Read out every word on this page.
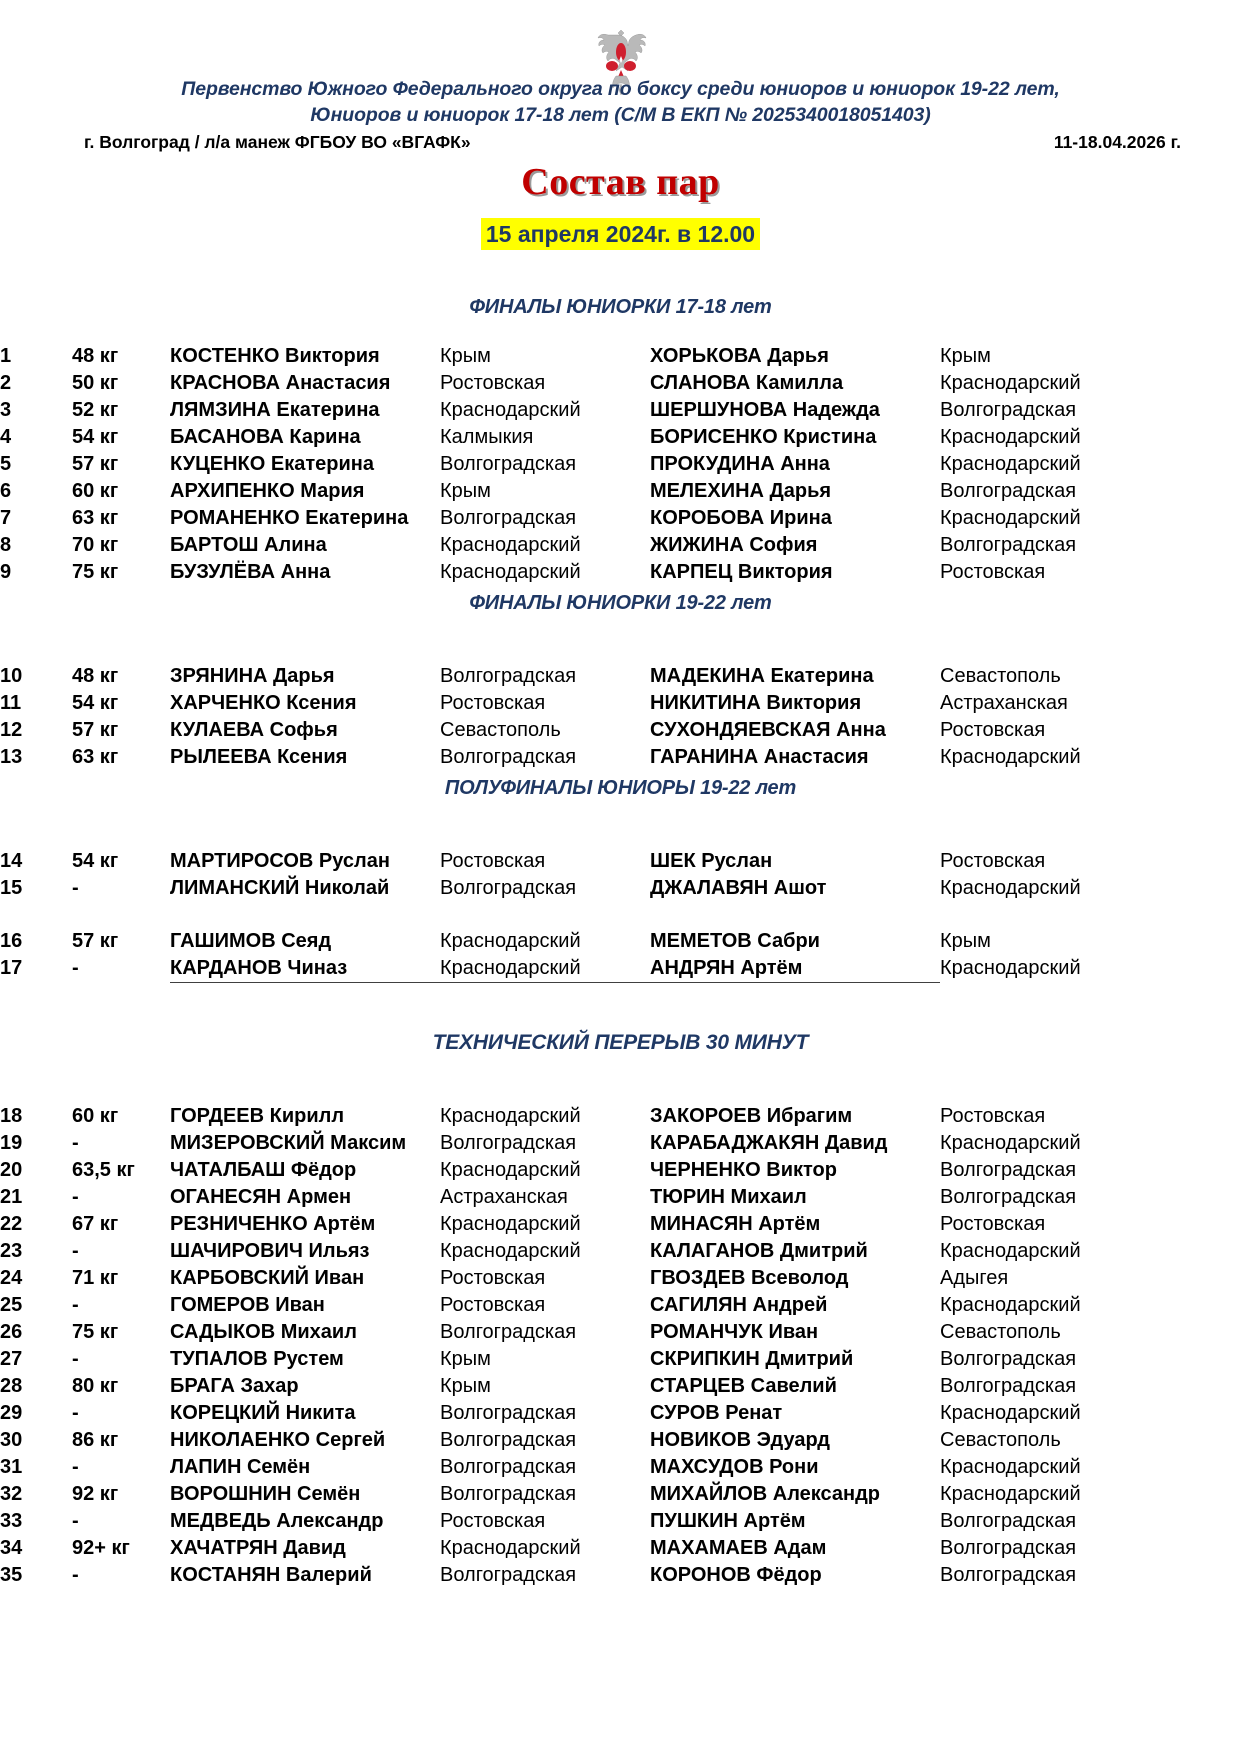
Первенство Южного Федерального округа по боксу среди юниоров и юниорок 19-22 лет,
Юниоров и юниорок 17-18 лет (С/М В ЕКП № 2025340018051403)
г. Волгоград / л/а манеж ФГБОУ ВО «ВГАФК»	11-18.04.2026 г.
Состав пар
15 апреля 2024г. в 12.00
ФИНАЛЫ ЮНИОРКИ 17-18 лет
1	48 кг	КОСТЕНКО Виктория	Крым	ХОРЬКОВА Дарья	Крым
2	50 кг	КРАСНОВА Анастасия	Ростовская	СЛАНОВА Камилла	Краснодарский
3	52 кг	ЛЯМЗИНА Екатерина	Краснодарский	ШЕРШУНОВА Надежда	Волгоградская
4	54 кг	БАСАНОВА Карина	Калмыкия	БОРИСЕНКО Кристина	Краснодарский
5	57 кг	КУЦЕНКО Екатерина	Волгоградская	ПРОКУДИНА Анна	Краснодарский
6	60 кг	АРХИПЕНКО Мария	Крым	МЕЛЕХИНА Дарья	Волгоградская
7	63 кг	РОМАНЕНКО Екатерина	Волгоградская	КОРОБОВА Ирина	Краснодарский
8	70 кг	БАРТОШ Алина	Краснодарский	ЖИЖИНА София	Волгоградская
9	75 кг	БУЗУЛЁВА Анна	Краснодарский	КАРПЕЦ Виктория	Ростовская
ФИНАЛЫ ЮНИОРКИ 19-22 лет
10	48 кг	ЗРЯНИНА Дарья	Волгоградская	МАДЕКИНА Екатерина	Севастополь
11	54 кг	ХАРЧЕНКО Ксения	Ростовская	НИКИТИНА Виктория	Астраханская
12	57 кг	КУЛАЕВА Софья	Севастополь	СУХОНДЯЕВСКАЯ Анна	Ростовская
13	63 кг	РЫЛЕЕВА Ксения	Волгоградская	ГАРАНИНА Анастасия	Краснодарский
ПОЛУФИНАЛЫ ЮНИОРЫ 19-22 лет
14	54 кг	МАРТИРОСОВ Руслан	Ростовская	ШЕК Руслан	Ростовская
15	-	ЛИМАНСКИЙ Николай	Волгоградская	ДЖАЛАВЯН Ашот	Краснодарский

16	57 кг	ГАШИМОВ Сеяд	Краснодарский	МЕМЕТОВ Сабри	Крым
17	-	КАРДАНОВ Чиназ	Краснодарский	АНДРЯН Артём	Краснодарский
ТЕХНИЧЕСКИЙ ПЕРЕРЫВ 30 МИНУТ
18	60 кг	ГОРДЕЕВ Кирилл	Краснодарский	ЗАКОРОЕВ Ибрагим	Ростовская
19	-	МИЗЕРОВСКИЙ Максим	Волгоградская	КАРАБАДЖАКЯН Давид	Краснодарский
20	63,5 кг	ЧАТАЛБАШ Фёдор	Краснодарский	ЧЕРНЕНКО Виктор	Волгоградская
21	-	ОГАНЕСЯН Армен	Астраханская	ТЮРИН Михаил	Волгоградская
22	67 кг	РЕЗНИЧЕНКО Артём	Краснодарский	МИНАСЯН Артём	Ростовская
23	-	ШАЧИРОВИЧ Ильяз	Краснодарский	КАЛАГАНОВ Дмитрий	Краснодарский
24	71 кг	КАРБОВСКИЙ Иван	Ростовская	ГВОЗДЕВ Всеволод	Адыгея
25	-	ГОМЕРОВ Иван	Ростовская	САГИЛЯН Андрей	Краснодарский
26	75 кг	САДЫКОВ Михаил	Волгоградская	РОМАНЧУК Иван	Севастополь
27	-	ТУПАЛОВ Рустем	Крым	СКРИПКИН Дмитрий	Волгоградская
28	80 кг	БРАГА Захар	Крым	СТАРЦЕВ Савелий	Волгоградская
29	-	КОРЕЦКИЙ Никита	Волгоградская	СУРОВ Ренат	Краснодарский
30	86 кг	НИКОЛАЕНКО Сергей	Волгоградская	НОВИКОВ Эдуард	Севастополь
31	-	ЛАПИН Семён	Волгоградская	МАХСУДОВ Рони	Краснодарский
32	92 кг	ВОРОШНИН Семён	Волгоградская	МИХАЙЛОВ Александр	Краснодарский
33	-	МЕДВЕДЬ Александр	Ростовская	ПУШКИН Артём	Волгоградская
34	92+ кг	ХАЧАТРЯН Давид	Краснодарский	МАХАМАЕВ Адам	Волгоградская
35	-	КОСТАНЯН Валерий	Волгоградская	КОРОНОВ Фёдор	Волгоградская
